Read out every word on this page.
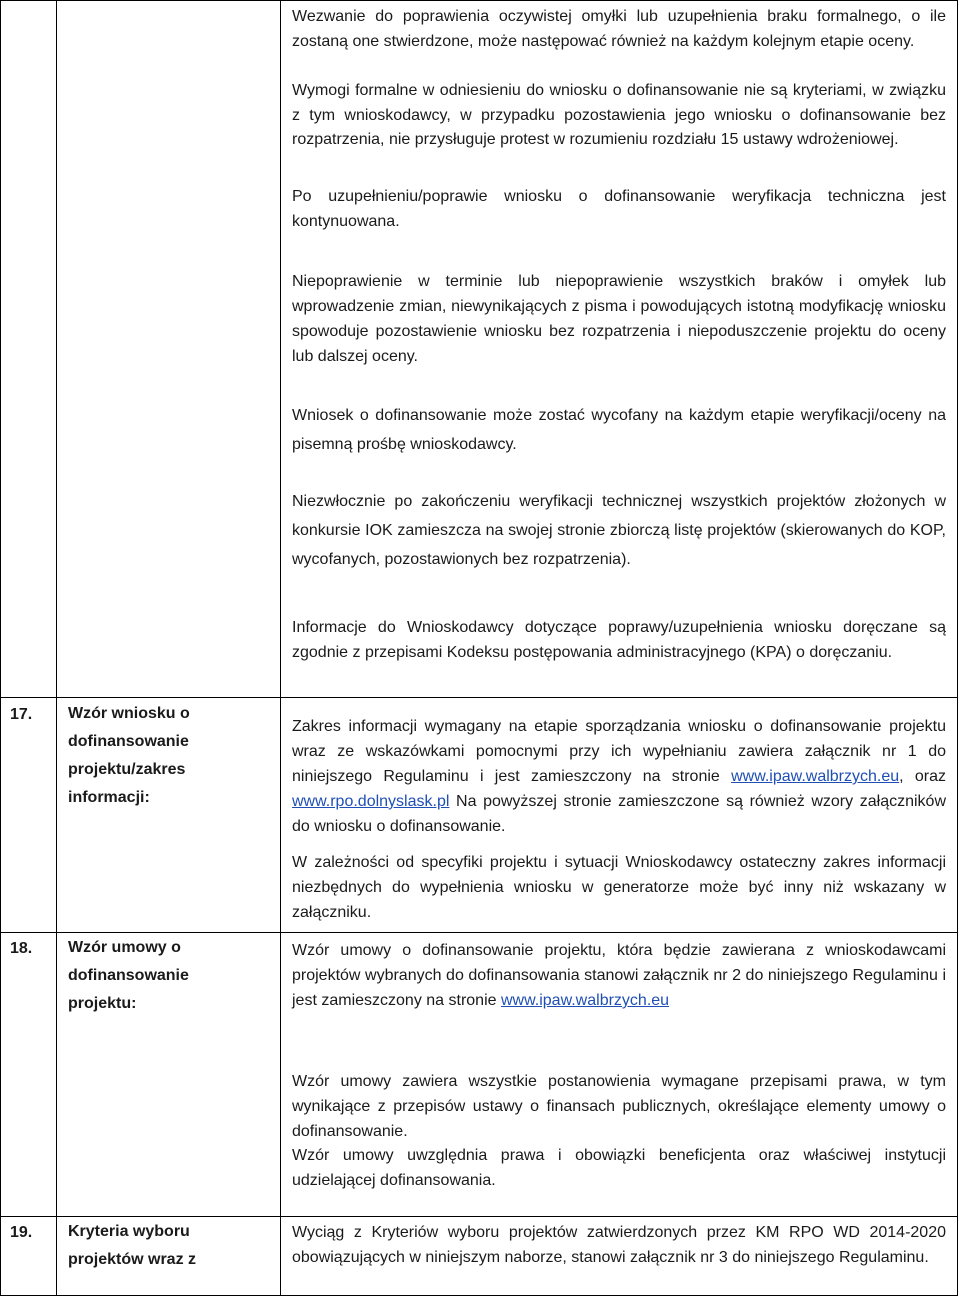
Wezwanie do poprawienia oczywistej omyłki lub uzupełnienia braku formalnego, o ile zostaną one stwierdzone, może następować również na każdym kolejnym etapie oceny.

Wymogi formalne w odniesieniu do wniosku o dofinansowanie nie są kryteriami, w związku z tym wnioskodawcy, w przypadku pozostawienia jego wniosku o dofinansowanie bez rozpatrzenia, nie przysługuje protest w rozumieniu rozdziału 15 ustawy wdrożeniowej.

Po uzupełnieniu/poprawie wniosku o dofinansowanie weryfikacja techniczna jest kontynuowana.

Niepoprawienie w terminie lub niepoprawienie wszystkich braków i omyłek lub wprowadzenie zmian, niewynikających z pisma i powodujących istotną modyfikację wniosku spowoduje pozostawienie wniosku bez rozpatrzenia i niepoduszczenie projektu do oceny lub dalszej oceny.

Wniosek o dofinansowanie może zostać wycofany na każdym etapie weryfikacji/oceny na pisemną prośbę wnioskodawcy.

Niezwłocznie po zakończeniu weryfikacji technicznej wszystkich projektów złożonych w konkursie IOK zamieszcza na swojej stronie zbiorczą listę projektów (skierowanych do KOP, wycofanych, pozostawionych bez rozpatrzenia).

Informacje do Wnioskodawcy dotyczące poprawy/uzupełnienia wniosku doręczane są zgodnie z przepisami Kodeksu postępowania administracyjnego (KPA) o doręczaniu.

17. Wzór wniosku o dofinansowanie projektu/zakres informacji:

Zakres informacji wymagany na etapie sporządzania wniosku o dofinansowanie projektu wraz ze wskazówkami pomocnymi przy ich wypełnianiu zawiera załącznik nr 1 do niniejszego Regulaminu i jest zamieszczony na stronie www.ipaw.walbrzych.eu, oraz www.rpo.dolnyslask.pl Na powyższej stronie zamieszczone są również wzory załączników do wniosku o dofinansowanie.

W zależności od specyfiki projektu i sytuacji Wnioskodawcy ostateczny zakres informacji niezbędnych do wypełnienia wniosku w generatorze może być inny niż wskazany w załączniku.

18. Wzór umowy o dofinansowanie projektu:

Wzór umowy o dofinansowanie projektu, która będzie zawierana z wnioskodawcami projektów wybranych do dofinansowania stanowi załącznik nr 2 do niniejszego Regulaminu i jest zamieszczony na stronie www.ipaw.walbrzych.eu

Wzór umowy zawiera wszystkie postanowienia wymagane przepisami prawa, w tym wynikające z przepisów ustawy o finansach publicznych, określające elementy umowy o dofinansowanie.

Wzór umowy uwzględnia prawa i obowiązki beneficjenta oraz właściwej instytucji udzielającej dofinansowania.

19. Kryteria wyboru projektów wraz z

Wyciąg z Kryteriów wyboru projektów zatwierdzonych przez KM RPO WD 2014-2020 obowiązujących w niniejszym naborze, stanowi załącznik nr 3 do niniejszego Regulaminu.
